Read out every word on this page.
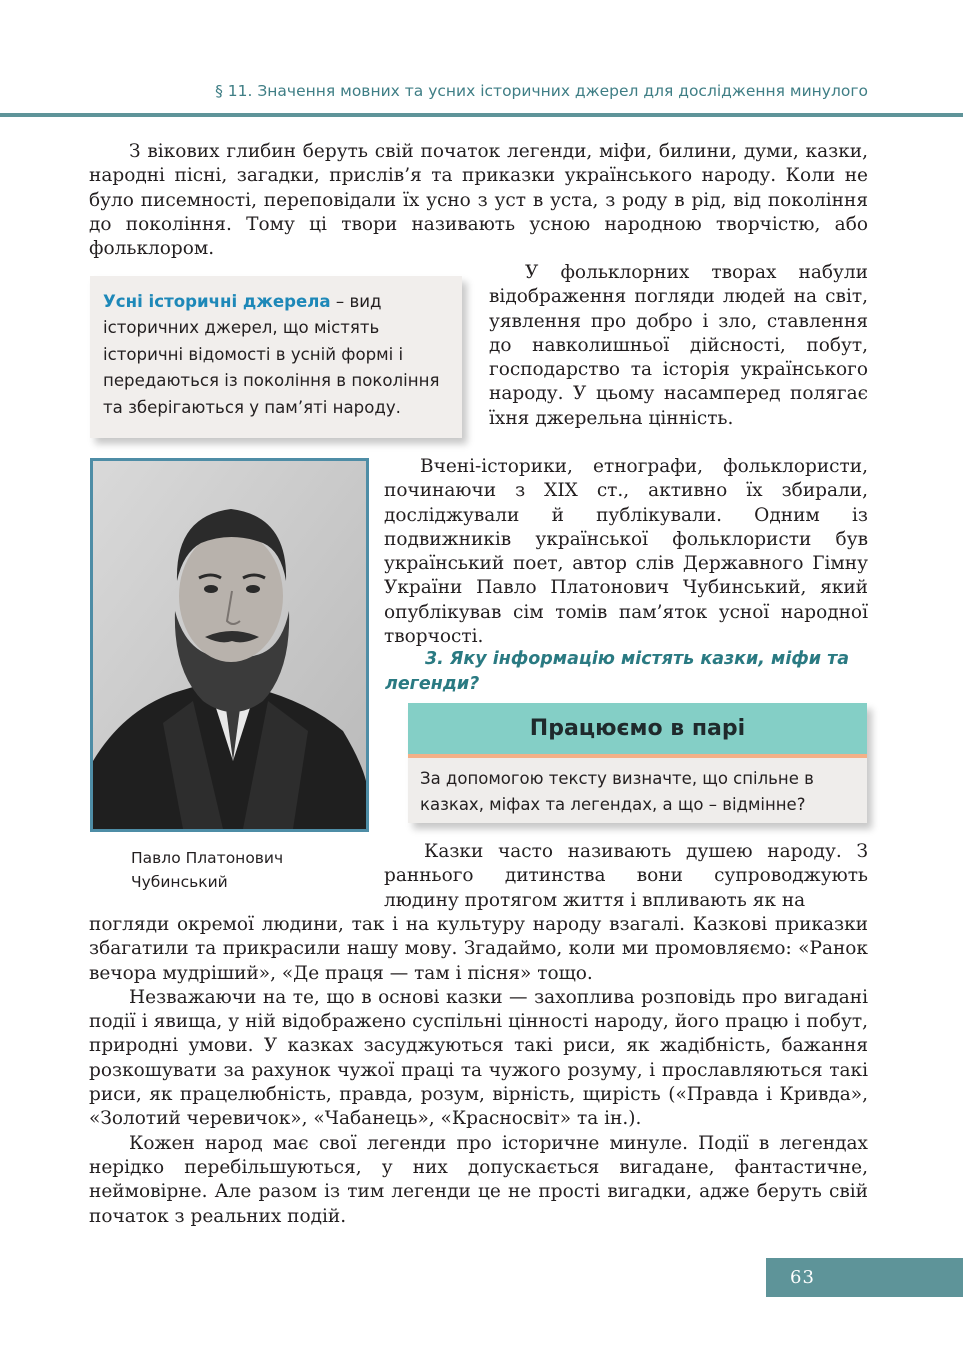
§ 11. Значення мовних та усних історичних джерел для дослідження минулого

З вікових глибин беруть свій початок легенди, міфи, билини, думи, казки, народні пісні, загадки, прислів’я та приказки українського народу. Коли не було писемності, переповідали їх усно з уст в уста, з роду в рід, від покоління до покоління. Тому ці твори називають усною народною творчістю, або фольклором.

Усні історичні джерела – вид історичних джерел, що містять історичні відомості в усній формі і передаються із покоління в покоління та зберігаються у пам’яті народу.

У фольклорних творах набули відображення погляди людей на світ, уявлення про добро і зло, ставлення до навколишньої дійсності, побут, господарство та історія українського народу. У цьому насамперед полягає їхня джерельна цінність.

Вчені-історики, етнографи, фольклористи, починаючи з XIX ст., активно їх збирали, досліджували й публікували. Одним із подвижників української фольклористи був український поет, автор слів Державного Гімну України Павло Платонович Чубинський, який опублікував сім томів пам’яток усної народної творчості.

3. Яку інформацію містять казки, міфи та легенди?
Павло Платонович
Чубинський
Працюємо в парі
За допомогою тексту визначте, що спільне в казках, міфах та легендах, а що – відмінне?

Казки часто називають душею народу. З раннього дитинства вони супроводжують людину протягом життя і впливають як на

погляди окремої людини, так і на культуру народу взагалі. Казкові приказки збагатили та прикрасили нашу мову. Згадаймо, коли ми промовляємо: «Ранок вечора мудріший», «Де праця — там і пісня» тощо.

Незважаючи на те, що в основі казки — захоплива розповідь про вигадані події і явища, у ній відображено суспільні цінності народу, його працю і побут, природні умови. У казках засуджуються такі риси, як жадібність, бажання розкошувати за рахунок чужої праці та чужого розуму, і прославляються такі риси, як працелюбність, правда, розум, вірність, щирість («Правда і Кривда», «Золотий черевичок», «Чабанець», «Красносвіт» та ін.).

Кожен народ має свої легенди про історичне минуле. Події в легендах нерідко перебільшуються, у них допускається вигадане, фантастичне, неймовірне. Але разом із тим легенди це не прості вигадки, адже беруть свій початок з реальних подій.

63
